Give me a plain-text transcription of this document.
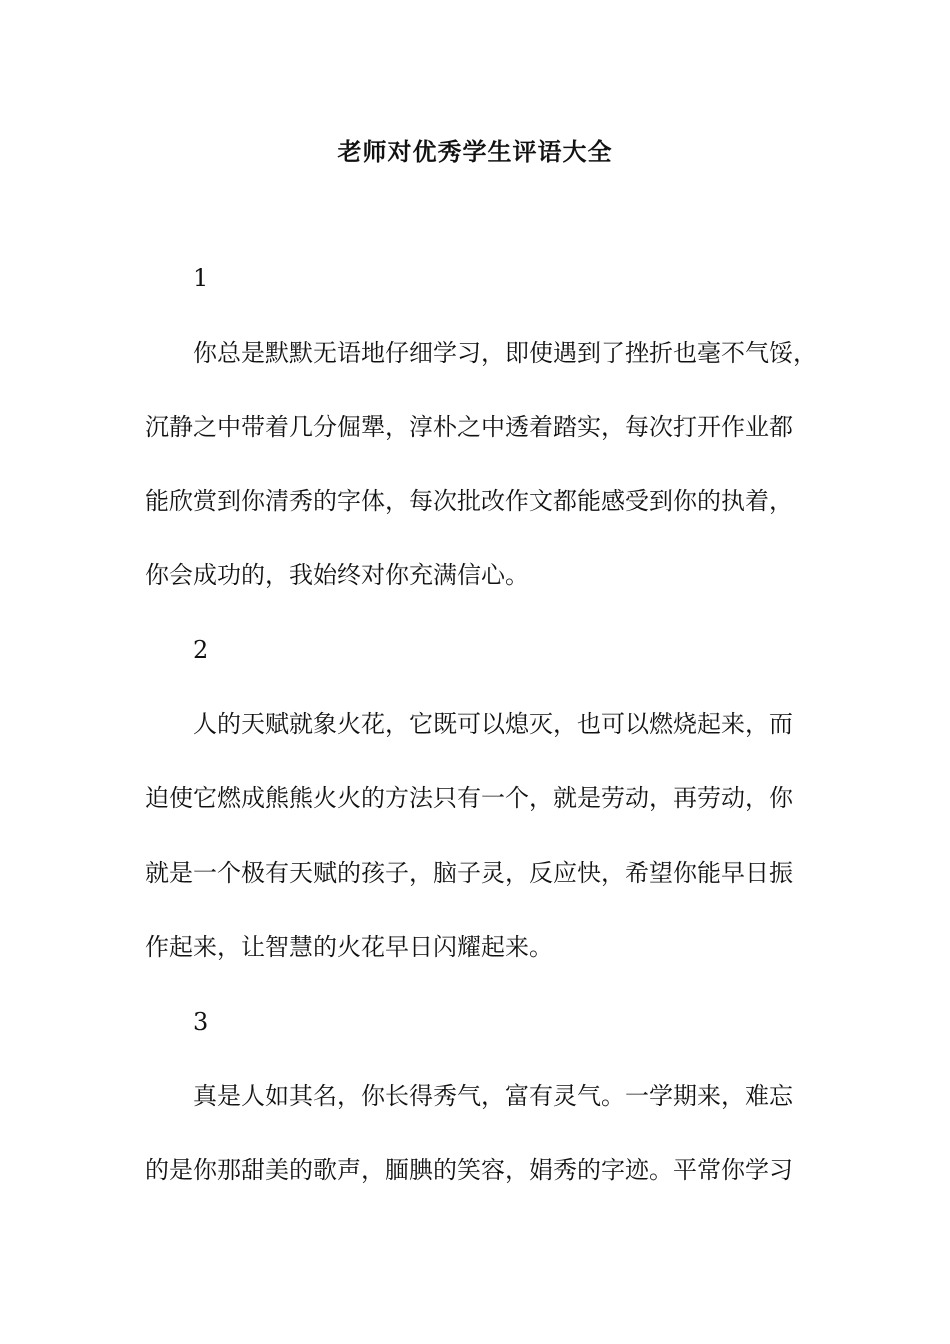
老师对优秀学生评语大全
1
你总是默默无语地仔细学习，即使遇到了挫折也毫不气馁，
沉静之中带着几分倔犟，淳朴之中透着踏实，每次打开作业都
能欣赏到你清秀的字体，每次批改作文都能感受到你的执着，
你会成功的，我始终对你充满信心。
2
人的天赋就象火花，它既可以熄灭，也可以燃烧起来，而
迫使它燃成熊熊火火的方法只有一个，就是劳动，再劳动，你
就是一个极有天赋的孩子，脑子灵，反应快，希望你能早日振
作起来，让智慧的火花早日闪耀起来。
3
真是人如其名，你长得秀气，富有灵气。一学期来，难忘
的是你那甜美的歌声，腼腆的笑容，娟秀的字迹。平常你学习
